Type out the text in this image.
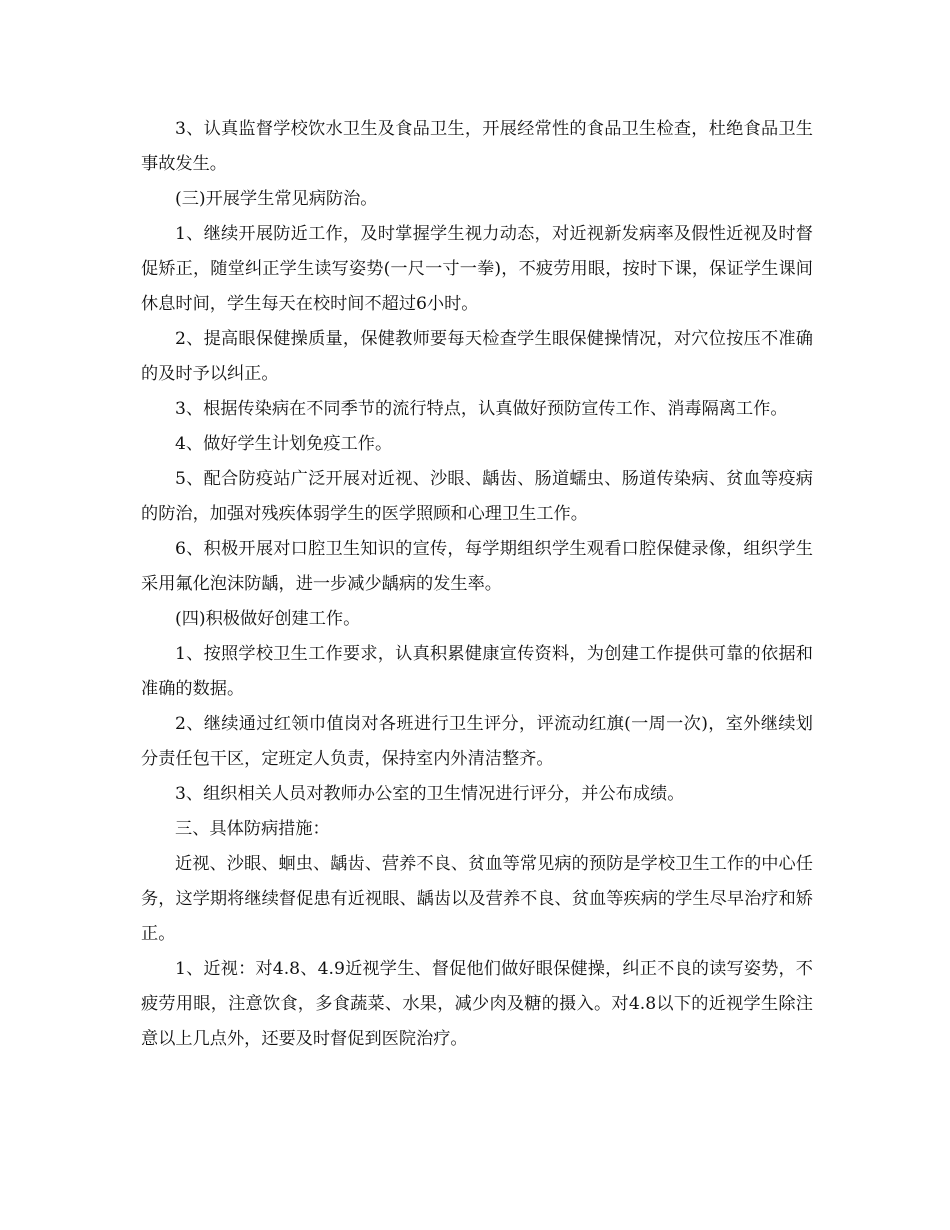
3、认真监督学校饮水卫生及食品卫生，开展经常性的食品卫生检查，杜绝食品卫生事故发生。

(三)开展学生常见病防治。

1、继续开展防近工作，及时掌握学生视力动态，对近视新发病率及假性近视及时督促矫正，随堂纠正学生读写姿势(一尺一寸一拳)，不疲劳用眼，按时下课，保证学生课间休息时间，学生每天在校时间不超过6小时。

2、提高眼保健操质量，保健教师要每天检查学生眼保健操情况，对穴位按压不准确的及时予以纠正。

3、根据传染病在不同季节的流行特点，认真做好预防宣传工作、消毒隔离工作。

4、做好学生计划免疫工作。

5、配合防疫站广泛开展对近视、沙眼、龋齿、肠道蠕虫、肠道传染病、贫血等疫病的防治，加强对残疾体弱学生的医学照顾和心理卫生工作。

6、积极开展对口腔卫生知识的宣传，每学期组织学生观看口腔保健录像，组织学生采用氟化泡沫防龋，进一步减少龋病的发生率。

(四)积极做好创建工作。

1、按照学校卫生工作要求，认真积累健康宣传资料，为创建工作提供可靠的依据和准确的数据。

2、继续通过红领巾值岗对各班进行卫生评分，评流动红旗(一周一次)，室外继续划分责任包干区，定班定人负责，保持室内外清洁整齐。

3、组织相关人员对教师办公室的卫生情况进行评分，并公布成绩。

三、具体防病措施：

近视、沙眼、蛔虫、龋齿、营养不良、贫血等常见病的预防是学校卫生工作的中心任务，这学期将继续督促患有近视眼、龋齿以及营养不良、贫血等疾病的学生尽早治疗和矫正。

1、近视：对4.8、4.9近视学生、督促他们做好眼保健操，纠正不良的读写姿势，不疲劳用眼，注意饮食，多食蔬菜、水果，减少肉及糖的摄入。对4.8以下的近视学生除注意以上几点外，还要及时督促到医院治疗。
